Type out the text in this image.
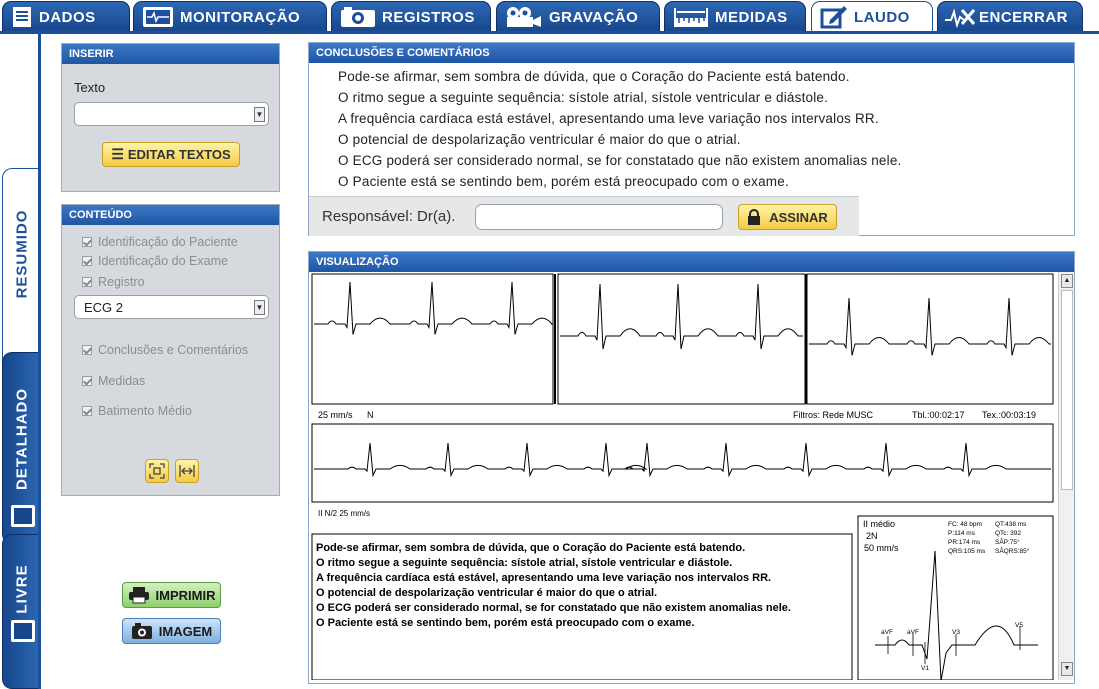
DADOS	MONITORAÇÃO	REGISTROS	GRAVAÇÃO	MEDIDAS	LAUDO	ENCERRAR
RESUMIDO
DETALHADO
LIVRE
INSERIR
Texto
▼
☰ EDITAR TEXTOS
CONTEÚDO
Identificação do Paciente
Identificação do Exame
Registro
ECG 2	▼
Conclusões e Comentários
Medidas
Batimento Médio
IMPRIMIR
IMAGEM
CONCLUSÕES E COMENTÁRIOS
Pode-se afirmar, sem sombra de dúvida, que o Coração do Paciente está batendo.
O ritmo segue a seguinte sequência: sístole atrial, sístole ventricular e diástole.
A frequência cardíaca está estável, apresentando uma leve variação nos intervalos RR.
O potencial de despolarização ventricular é maior do que o atrial.
O ECG poderá ser considerado normal, se for constatado que não existem anomalias nele.
O Paciente está se sentindo bem, porém está preocupado com o exame.
Responsável: Dr(a).	ASSINAR
VISUALIZAÇÃO
25 mm/s N	Filtros: Rede MUSC	Tbl.:00:02:17 Tex.:00:03:19
II N/2 25 mm/s
Pode-se afirmar, sem sombra de dúvida, que o Coração do Paciente está batendo.
O ritmo segue a seguinte sequência: sístole atrial, sístole ventricular e diástole.
A frequência cardíaca está estável, apresentando uma leve variação nos intervalos RR.
O potencial de despolarização ventricular é maior do que o atrial.
O ECG poderá ser considerado normal, se for constatado que não existem anomalias nele.
O Paciente está se sentindo bem, porém está preocupado com o exame.
II médio
2N
50 mm/s
FC: 48 bpm QT:438 ms
P:114 ms	QTc: 392
PR:174 ms SÂP:75°
QRS:105 ms SÂQRS:85°
aVF aVF
V1
V3
V5
▲
▼
